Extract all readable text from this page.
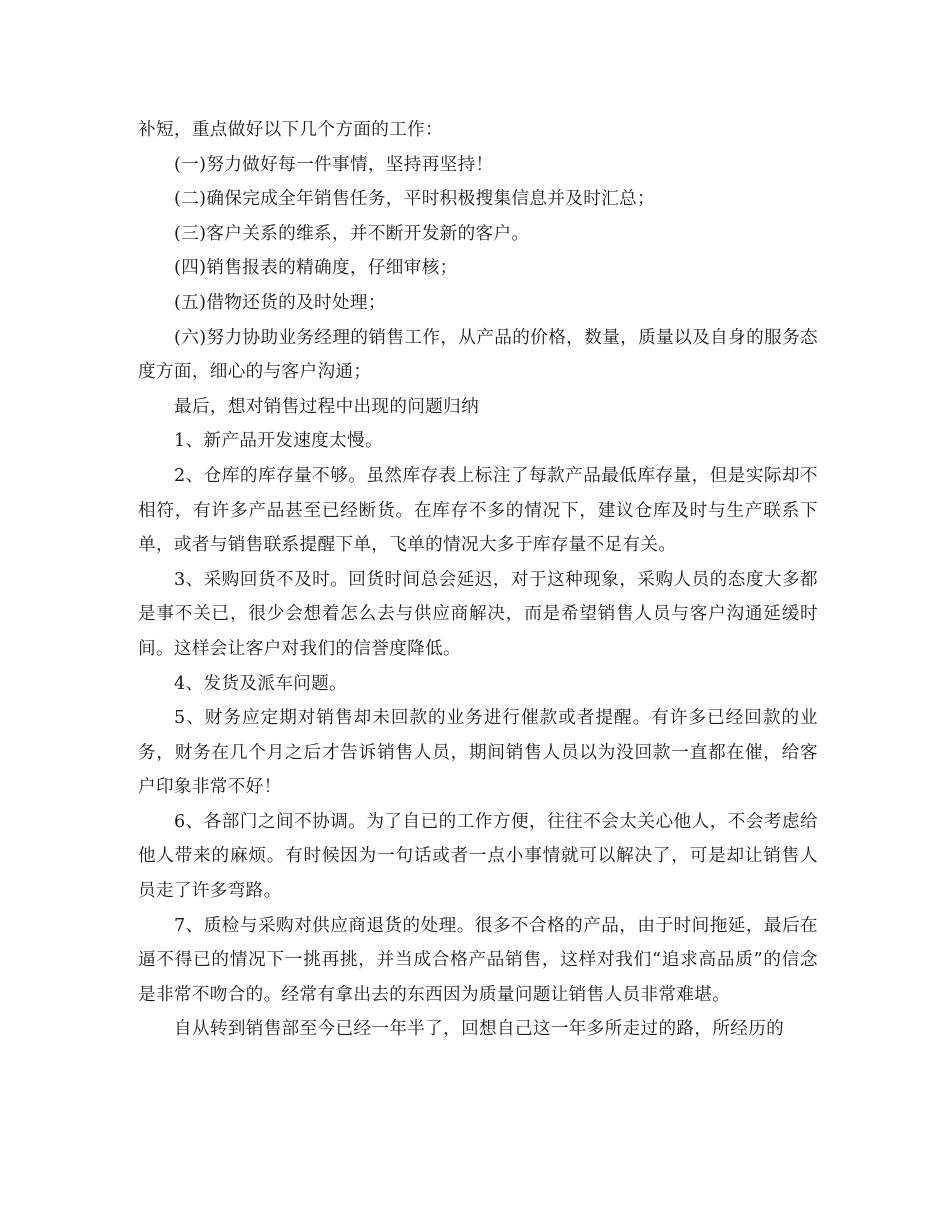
补短，重点做好以下几个方面的工作：

(一)努力做好每一件事情，坚持再坚持！

(二)确保完成全年销售任务，平时积极搜集信息并及时汇总；

(三)客户关系的维系，并不断开发新的客户。

(四)销售报表的精确度，仔细审核；

(五)借物还货的及时处理；

(六)努力协助业务经理的销售工作，从产品的价格，数量，质量以及自身的服务态度方面，细心的与客户沟通；

最后，想对销售过程中出现的问题归纳

1、新产品开发速度太慢。

2、仓库的库存量不够。虽然库存表上标注了每款产品最低库存量，但是实际却不相符，有许多产品甚至已经断货。在库存不多的情况下，建议仓库及时与生产联系下单，或者与销售联系提醒下单，飞单的情况大多于库存量不足有关。

3、采购回货不及时。回货时间总会延迟，对于这种现象，采购人员的态度大多都是事不关已，很少会想着怎么去与供应商解决，而是希望销售人员与客户沟通延缓时间。这样会让客户对我们的信誉度降低。

4、发货及派车问题。

5、财务应定期对销售却未回款的业务进行催款或者提醒。有许多已经回款的业务，财务在几个月之后才告诉销售人员，期间销售人员以为没回款一直都在催，给客户印象非常不好！

6、各部门之间不协调。为了自已的工作方便，往往不会太关心他人，不会考虑给他人带来的麻烦。有时候因为一句话或者一点小事情就可以解决了，可是却让销售人员走了许多弯路。

7、质检与采购对供应商退货的处理。很多不合格的产品，由于时间拖延，最后在逼不得已的情况下一挑再挑，并当成合格产品销售，这样对我们“追求高品质”的信念是非常不吻合的。经常有拿出去的东西因为质量问题让销售人员非常难堪。

自从转到销售部至今已经一年半了，回想自己这一年多所走过的路，所经历的
